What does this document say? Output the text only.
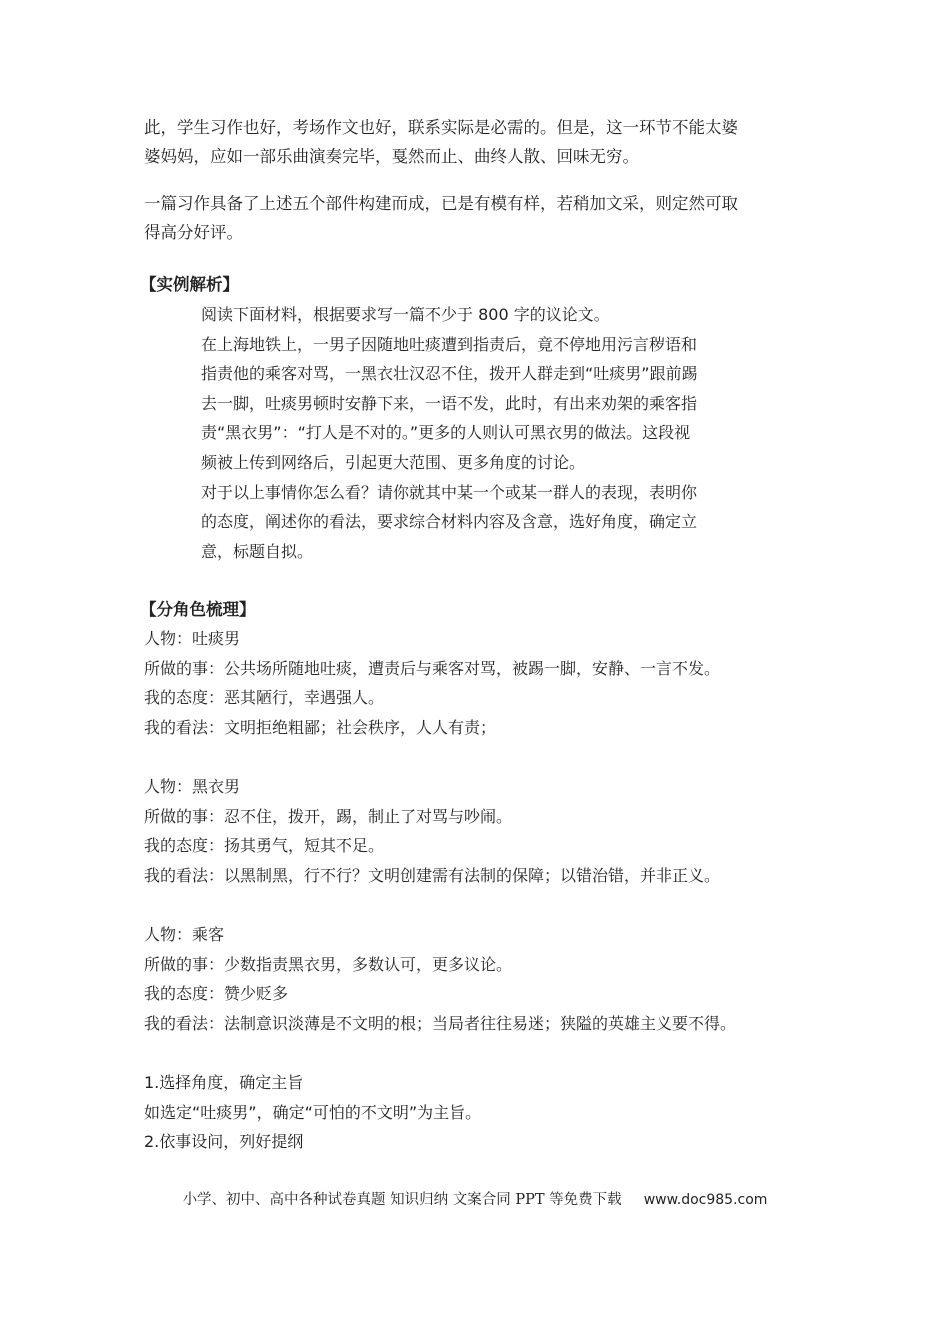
此，学生习作也好，考场作文也好，联系实际是必需的。但是，这一环节不能太婆
婆妈妈，应如一部乐曲演奏完毕，戛然而止、曲终人散、回味无穷。

一篇习作具备了上述五个部件构建而成，已是有模有样，若稍加文采，则定然可取
得高分好评。

【实例解析】

阅读下面材料，根据要求写一篇不少于 800 字的议论文。
在上海地铁上，一男子因随地吐痰遭到指责后，竟不停地用污言秽语和
指责他的乘客对骂，一黑衣壮汉忍不住，拨开人群走到“吐痰男”跟前踢
去一脚，吐痰男顿时安静下来，一语不发，此时，有出来劝架的乘客指
责“黑衣男”：“打人是不对的。”更多的人则认可黑衣男的做法。这段视
频被上传到网络后，引起更大范围、更多角度的讨论。
对于以上事情你怎么看？请你就其中某一个或某一群人的表现，表明你
的态度，阐述你的看法，要求综合材料内容及含意，选好角度，确定立
意，标题自拟。

【分角色梳理】

人物：吐痰男
所做的事：公共场所随地吐痰，遭责后与乘客对骂，被踢一脚，安静、一言不发。
我的态度：恶其陋行，幸遇强人。
我的看法：文明拒绝粗鄙；社会秩序，人人有责；

人物：黑衣男
所做的事：忍不住，拨开，踢，制止了对骂与吵闹。
我的态度：扬其勇气，短其不足。
我的看法：以黑制黑，行不行？文明创建需有法制的保障；以错治错，并非正义。

人物：乘客
所做的事：少数指责黑衣男，多数认可，更多议论。
我的态度：赞少贬多
我的看法：法制意识淡薄是不文明的根；当局者往往易迷；狭隘的英雄主义要不得。

1.选择角度，确定主旨
如选定“吐痰男”，确定“可怕的不文明”为主旨。
2.依事设问，列好提纲

小学、初中、高中各种试卷真题 知识归纳 文案合同 PPT 等免费下载 www.doc985.com
